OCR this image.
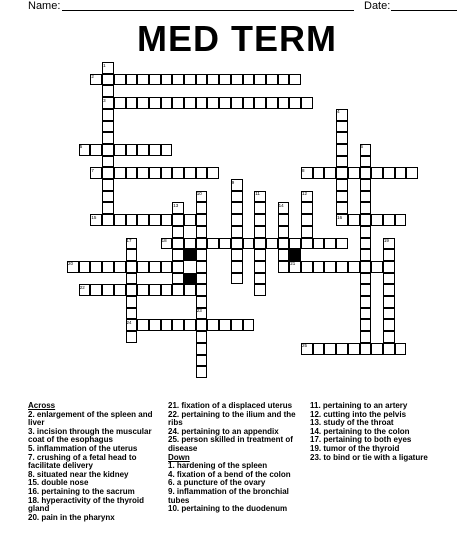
Name:	Date:
MED TERM
1
2
3
4
5	6
7	8
9
10	11	12
13	14
15	16
17	18	19
20	21
22
23
24
25
Across
2. enlargement of the spleen and liver
3. incision through the muscular coat of the esophagus
5. inflammation of the uterus
7. crushing of a fetal head to facilitate delivery
8. situated near the kidney
15. double nose
16. pertaining to the sacrum
18. hyperactivity of the thyroid gland
20. pain in the pharynx
21. fixation of a displaced uterus
22. pertaining to the ilium and the ribs
24. pertaining to an appendix
25. person skilled in treatment of disease
Down
1. hardening of the spleen
4. fixation of a bend of the colon
6. a puncture of the ovary
9. inflammation of the bronchial tubes
10. pertaining to the duodenum
11. pertaining to an artery
12. cutting into the pelvis
13. study of the throat
14. pertaining to the colon
17. pertaining to both eyes
19. tumor of the thyroid
23. to bind or tie with a ligature
